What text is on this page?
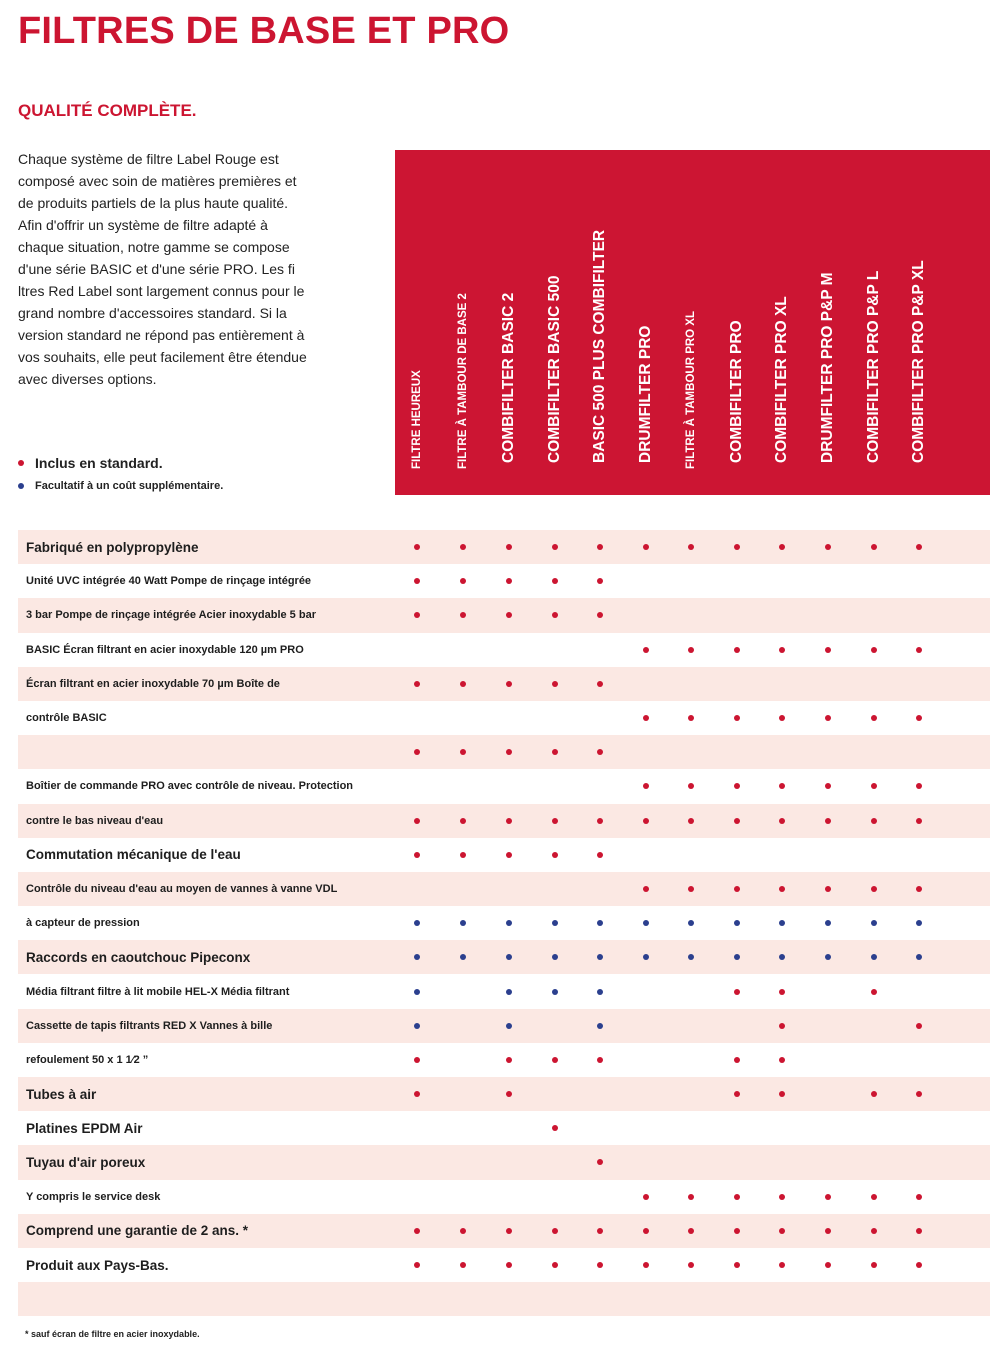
FILTRES DE BASE ET PRO
QUALITÉ COMPLÈTE.

Chaque système de filtre Label Rouge est
composé avec soin de matières premières et
de produits partiels de la plus haute qualité.
Afin d'offrir un système de filtre adapté à
chaque situation, notre gamme se compose
d'une série BASIC et d'une série PRO. Les fi
ltres Red Label sont largement connus pour le
grand nombre d'accessoires standard. Si la
version standard ne répond pas entièrement à
vos souhaits, elle peut facilement être étendue
avec diverses options.

Inclus en standard.
Facultatif à un coût supplémentaire.
FILTRE HEUREUX	FILTRE À TAMBOUR DE BASE 2 COMBIFILTER BASIC 2 COMBIFILTER BASIC 500 BASIC 500 PLUS COMBIFILTER DRUMFILTER PRO	FILTRE À TAMBOUR PRO XL COMBIFILTER PRO COMBIFILTER PRO XL DRUMFILTER PRO P&P M COMBIFILTER PRO P&P L COMBIFILTER PRO P&P XL
Fabriqué en polypropylène
Unité UVC intégrée 40 Watt Pompe de rinçage intégrée
3 bar Pompe de rinçage intégrée Acier inoxydable 5 bar
BASIC Écran filtrant en acier inoxydable 120 µm PRO
Écran filtrant en acier inoxydable 70 µm Boîte de
contrôle BASIC
Boîtier de commande PRO avec contrôle de niveau. Protection
contre le bas niveau d'eau
Commutation mécanique de l'eau
Contrôle du niveau d'eau au moyen de vannes à vanne VDL
à capteur de pression
Raccords en caoutchouc Pipeconx
Média filtrant filtre à lit mobile HEL-X Média filtrant
Cassette de tapis filtrants RED X Vannes à bille
refoulement 50 x 1 1⁄2 ”
Tubes à air
Platines EPDM Air
Tuyau d'air poreux
Y compris le service desk
Comprend une garantie de 2 ans. *
Produit aux Pays-Bas.
* sauf écran de filtre en acier inoxydable.
